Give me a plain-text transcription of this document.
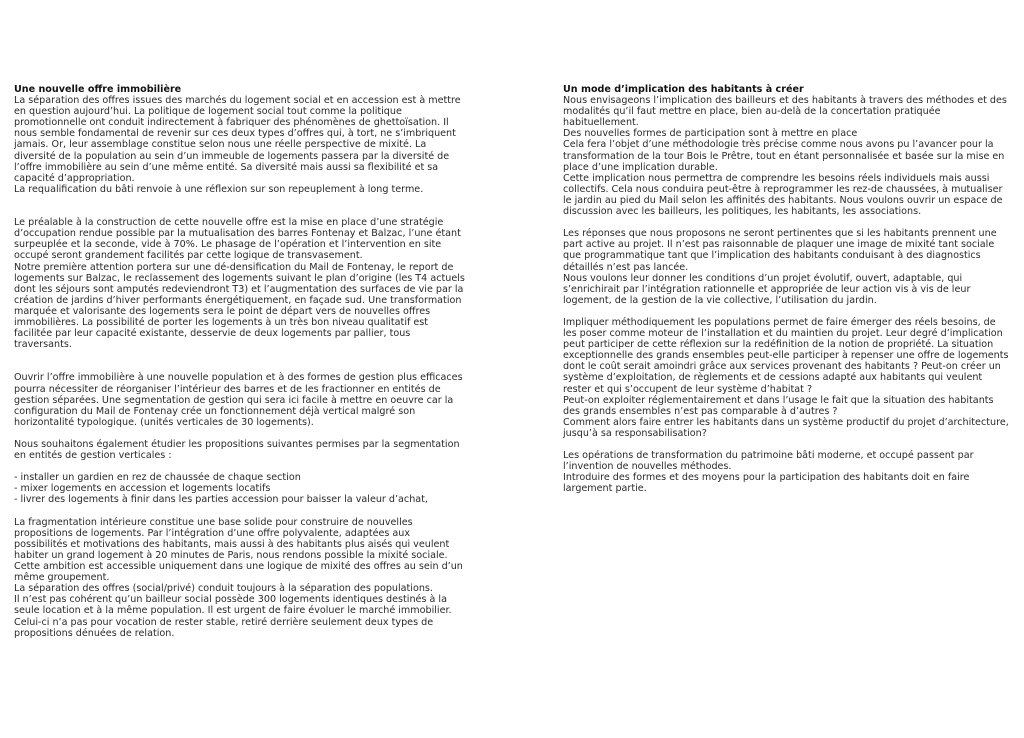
Une nouvelle offre immobilière

La séparation des offres issues des marchés du logement social et en accession est à mettre en question aujourd’hui. La politique de logement social tout comme la politique promotionnelle ont conduit indirectement à fabriquer des phénomènes de ghettoïsation. Il nous semble fondamental de revenir sur ces deux types d’offres qui, à tort, ne s’imbriquent jamais. Or, leur assemblage constitue selon nous une réelle perspective de mixité. La diversité de la population au sein d’un immeuble de logements passera par la diversité de l’offre immobilière au sein d’une même entité. Sa diversité mais aussi sa flexibilité et sa capacité d’appropriation.

La requalification du bâti renvoie à une réflexion sur son repeuplement à long terme.

Le préalable à la construction de cette nouvelle offre est la mise en place d’une stratégie d’occupation rendue possible par la mutualisation des barres Fontenay et Balzac, l’une étant surpeuplée et la seconde, vide à 70%. Le phasage de l’opération et l’intervention en site occupé seront grandement facilités par cette logique de transvasement.

Notre première attention portera sur une dé-densification du Mail de Fontenay, le report de logements sur Balzac, le reclassement des logements suivant le plan d’origine (les T4 actuels dont les séjours sont amputés redeviendront T3) et l’augmentation des surfaces de vie par la création de jardins d’hiver performants énergétiquement, en façade sud. Une transformation marquée et valorisante des logements sera le point de départ vers de nouvelles offres immobilières. La possibilité de porter les logements à un très bon niveau qualitatif est facilitée par leur capacité existante, desservie de deux logements par pallier, tous traversants.

Ouvrir l’offre immobilière à une nouvelle population et à des formes de gestion plus efficaces pourra nécessiter de réorganiser l’intérieur des barres et de les fractionner en entités de gestion séparées. Une segmentation de gestion qui sera ici facile à mettre en oeuvre car la configuration du Mail de Fontenay crée un fonctionnement déjà vertical malgré son horizontalité typologique. (unités verticales de 30 logements).

Nous souhaitons également étudier les propositions suivantes permises par la segmentation en entités de gestion verticales :

- installer un gardien en rez de chaussée de chaque section

- mixer logements en accession et logements locatifs

- livrer des logements à finir dans les parties accession pour baisser la valeur d’achat,

La fragmentation intérieure constitue une base solide pour construire de nouvelles propositions de logements. Par l’intégration d’une offre polyvalente, adaptées aux possibilités et motivations des habitants, mais aussi à des habitants plus aisés qui veulent habiter un grand logement à 20 minutes de Paris, nous rendons possible la mixité sociale. Cette ambition est accessible uniquement dans une logique de mixité des offres au sein d’un même groupement.

La séparation des offres (social/privé) conduit toujours à la séparation des populations.

Il n’est pas cohérent qu’un bailleur social possède 300 logements identiques destinés à la seule location et à la même population. Il est urgent de faire évoluer le marché immobilier. Celui-ci n’a pas pour vocation de rester stable, retiré derrière seulement deux types de propositions dénuées de relation.

Un mode d’implication des habitants à créer

Nous envisageons l’implication des bailleurs et des habitants à travers des méthodes et des modalités qu’il faut mettre en place, bien au-delà de la concertation pratiquée habituellement.

Des nouvelles formes de participation sont à mettre en place

Cela fera l’objet d’une méthodologie très précise comme nous avons pu l’avancer pour la transformation de la tour Bois le Prêtre, tout en étant personnalisée et basée sur la mise en place d’une implication durable.

Cette implication nous permettra de comprendre les besoins réels individuels mais aussi collectifs. Cela nous conduira peut-être à reprogrammer les rez-de chaussées, à mutualiser le jardin au pied du Mail selon les affinités des habitants. Nous voulons ouvrir un espace de discussion avec les bailleurs, les politiques, les habitants, les associations.

Les réponses que nous proposons ne seront pertinentes que si les habitants prennent une part active au projet. Il n’est pas raisonnable de plaquer une image de mixité tant sociale que programmatique tant que l’implication des habitants conduisant à des diagnostics détaillés n’est pas lancée.

Nous voulons leur donner les conditions d’un projet évolutif, ouvert, adaptable, qui s’enrichirait par l’intégration rationnelle et appropriée de leur action vis à vis de leur logement, de la gestion de la vie collective, l’utilisation du jardin.

Impliquer méthodiquement les populations permet de faire émerger des réels besoins, de les poser comme moteur de l’installation et du maintien du projet. Leur degré d’implication peut participer de cette réflexion sur la redéfinition de la notion de propriété. La situation exceptionnelle des grands ensembles peut-elle participer à repenser une offre de logements dont le coût serait amoindri grâce aux services provenant des habitants ? Peut-on créer un système d’exploitation, de règlements et de cessions adapté aux habitants qui veulent rester et qui s’occupent de leur système d’habitat ?

Peut-on exploiter réglementairement et dans l’usage le fait que la situation des habitants des grands ensembles n’est pas comparable à d’autres ?

Comment alors faire entrer les habitants dans un système productif du projet d’architecture, jusqu’à sa responsabilisation?

Les opérations de transformation du patrimoine bâti moderne, et occupé passent par l’invention de nouvelles méthodes.

Introduire des formes et des moyens pour la participation des habitants doit en faire largement partie.
